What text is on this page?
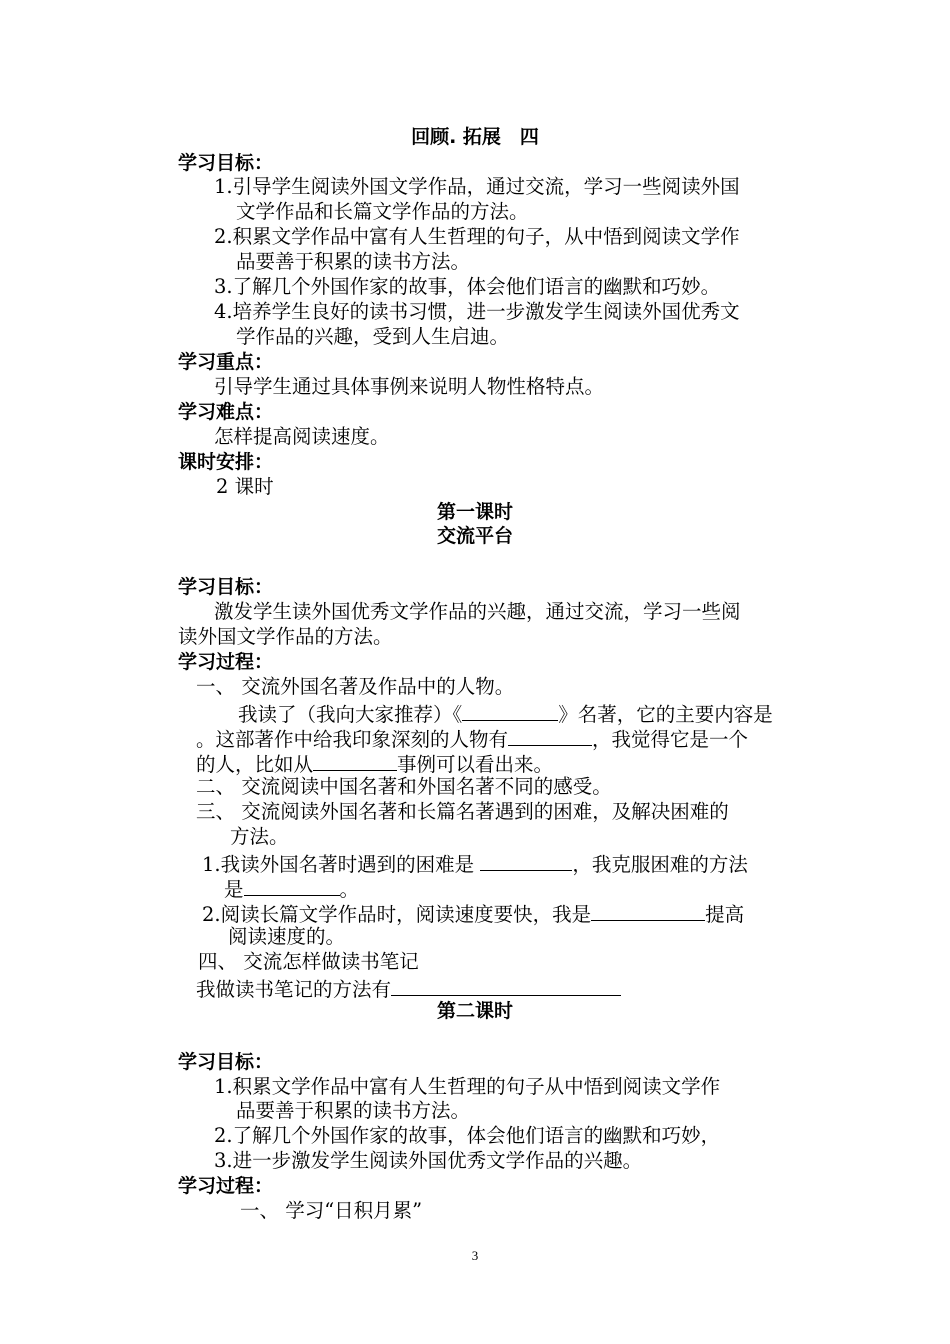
回顾. 拓展　四
学习目标：
1.引导学生阅读外国文学作品，通过交流，学习一些阅读外国
文学作品和长篇文学作品的方法。
2.积累文学作品中富有人生哲理的句子，从中悟到阅读文学作
品要善于积累的读书方法。
3.了解几个外国作家的故事，体会他们语言的幽默和巧妙。
4.培养学生良好的读书习惯，进一步激发学生阅读外国优秀文
学作品的兴趣，受到人生启迪。
学习重点：
引导学生通过具体事例来说明人物性格特点。
学习难点：
怎样提高阅读速度。
课时安排：
2 课时
第一课时
交流平台
学习目标：
激发学生读外国优秀文学作品的兴趣，通过交流，学习一些阅
读外国文学作品的方法。
学习过程：
一、 交流外国名著及作品中的人物。
我读了（我向大家推荐）《	》名著，它的主要内容是
。这部著作中给我印象深刻的人物有	，我觉得它是一个
的人，比如从	事例可以看出来。
二、 交流阅读中国名著和外国名著不同的感受。
三、 交流阅读外国名著和长篇名著遇到的困难，及解决困难的
方法。
1.我读外国名著时遇到的困难是	，我克服困难的方法
是	。
2.阅读长篇文学作品时，阅读速度要快，我是	提高
阅读速度的。
四、 交流怎样做读书笔记
我做读书笔记的方法有
第二课时
学习目标：
1.积累文学作品中富有人生哲理的句子从中悟到阅读文学作
品要善于积累的读书方法。
2.了解几个外国作家的故事，体会他们语言的幽默和巧妙，
3.进一步激发学生阅读外国优秀文学作品的兴趣。
学习过程：
一、 学习“日积月累”
3
